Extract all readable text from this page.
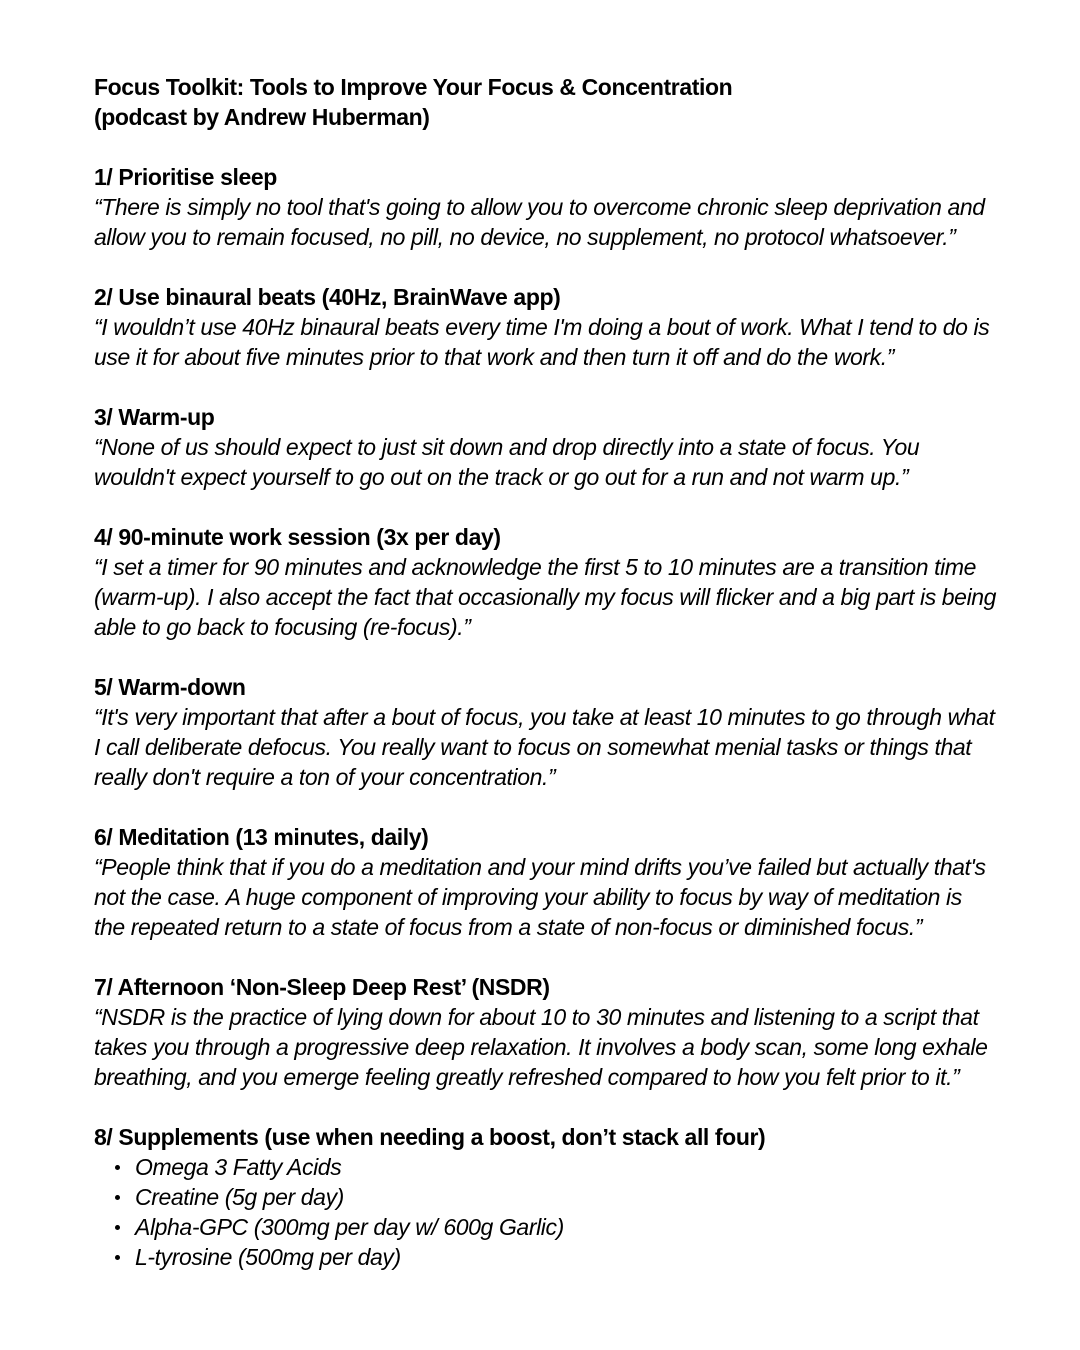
Focus Toolkit: Tools to Improve Your Focus & Concentration

(podcast by Andrew Huberman)

1/ Prioritise sleep

“There is simply no tool that's going to allow you to overcome chronic sleep deprivation and

allow you to remain focused, no pill, no device, no supplement, no protocol whatsoever.”

2/ Use binaural beats (40Hz, BrainWave app)

“I wouldn’t use 40Hz binaural beats every time I'm doing a bout of work. What I tend to do is

use it for about five minutes prior to that work and then turn it off and do the work.”

3/ Warm-up

“None of us should expect to just sit down and drop directly into a state of focus. You

wouldn't expect yourself to go out on the track or go out for a run and not warm up.”

4/ 90-minute work session (3x per day)

“I set a timer for 90 minutes and acknowledge the first 5 to 10 minutes are a transition time

(warm-up). I also accept the fact that occasionally my focus will flicker and a big part is being

able to go back to focusing (re-focus).”

5/ Warm-down

“It's very important that after a bout of focus, you take at least 10 minutes to go through what

I call deliberate defocus. You really want to focus on somewhat menial tasks or things that

really don't require a ton of your concentration.”

6/ Meditation (13 minutes, daily)

“People think that if you do a meditation and your mind drifts you’ve failed but actually that's

not the case. A huge component of improving your ability to focus by way of meditation is

the repeated return to a state of focus from a state of non-focus or diminished focus.”

7/ Afternoon ‘Non-Sleep Deep Rest’ (NSDR)

“NSDR is the practice of lying down for about 10 to 30 minutes and listening to a script that

takes you through a progressive deep relaxation. It involves a body scan, some long exhale

breathing, and you emerge feeling greatly refreshed compared to how you felt prior to it.”

8/ Supplements (use when needing a boost, don’t stack all four)

Omega 3 Fatty Acids
Creatine (5g per day)
Alpha-GPC (300mg per day w/ 600g Garlic)
L-tyrosine (500mg per day)
